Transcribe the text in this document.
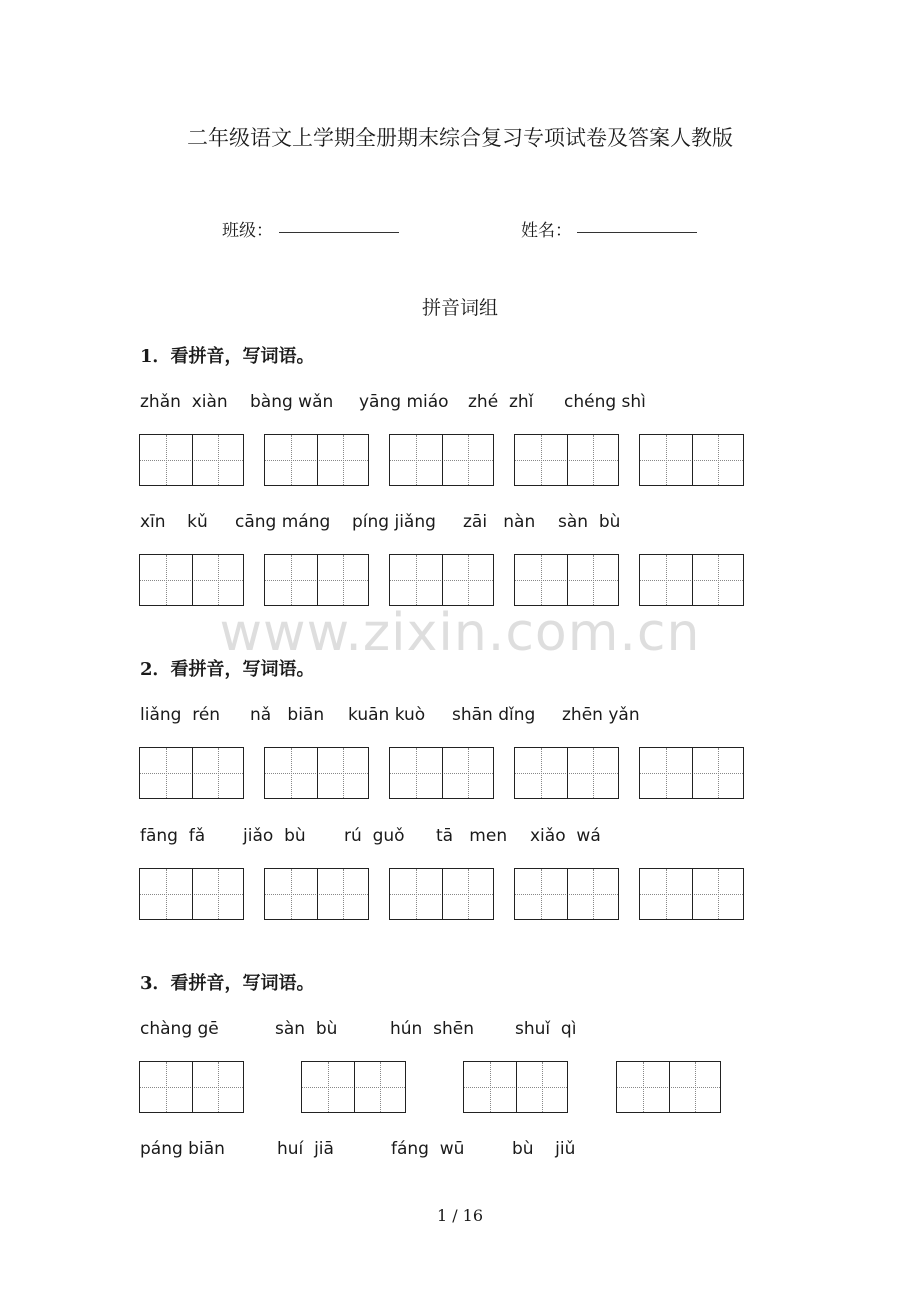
二年级语文上学期全册期末综合复习专项试卷及答案人教版
班级：	姓名：
拼音词组
1．看拼音，写词语。
zhǎn  xiàn bàng wǎn yāng miáo zhé  zhǐ chéng shì
xīn    kǔ cāng máng píng jiǎng zāi   nàn sàn  bù
www.zixin.com.cn
2．看拼音，写词语。
liǎng  rén nǎ   biān kuān kuò shān dǐng zhēn yǎn
fāng  fǎ jiǎo  bù rú  guǒ tā   men xiǎo  wá
3．看拼音，写词语。
chàng gē	sàn  bù	hún  shēn shuǐ  qì
páng biān	huí  jiā	fáng  wū	bù    jiǔ
1 / 16
